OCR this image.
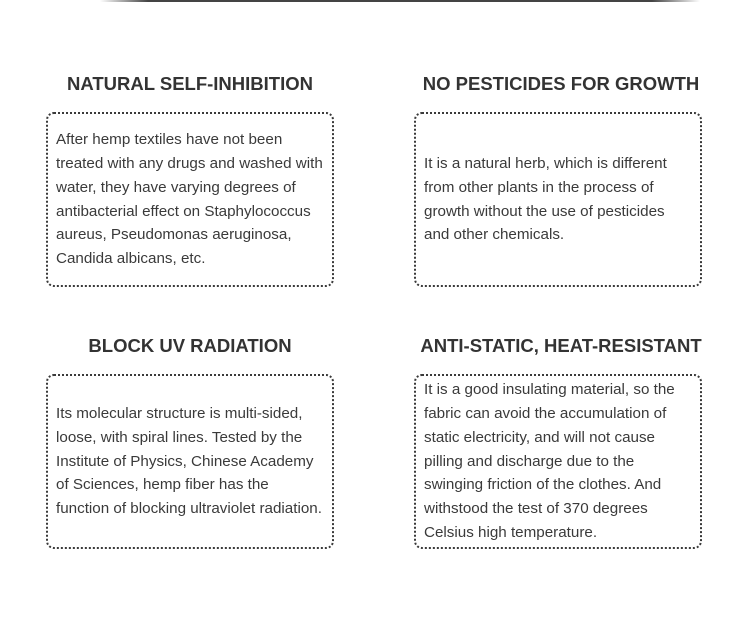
NATURAL SELF-INHIBITION

After hemp textiles have not been treated with any drugs and washed with water, they have varying degrees of antibacterial effect on Staphylococcus aureus, Pseudomonas aeruginosa, Candida albicans, etc.

NO PESTICIDES FOR GROWTH

It is a natural herb, which is different from other plants in the process of growth without the use of pesticides and other chemicals.

BLOCK UV RADIATION

Its molecular structure is multi-sided, loose, with spiral lines. Tested by the Institute of Physics, Chinese Academy of Sciences, hemp fiber has the function of blocking ultraviolet radiation.

ANTI-STATIC, HEAT-RESISTANT

It is a good insulating material, so the fabric can avoid the accumulation of static electricity, and will not cause pilling and discharge due to the swinging friction of the clothes. And withstood the test of 370 degrees Celsius high temperature.
